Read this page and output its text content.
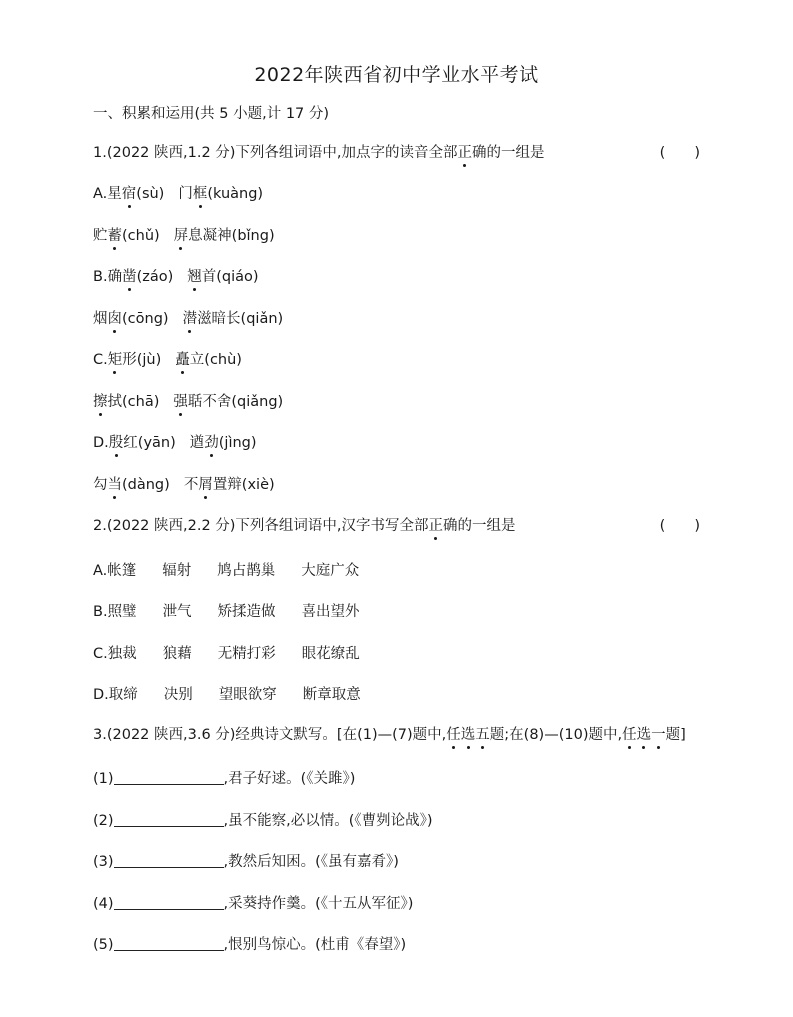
2022年陕西省初中学业水平考试
一、积累和运用(共 5 小题,计 17 分)
1.(2022 陕西,1.2 分)下列各组词语中,加点字的读音全部正确的一组是	(　　)
A.星宿(sù) 门框(kuàng)
贮蓄(chǔ) 屏息凝神(bǐng)
B.确凿(záo) 翘首(qiáo)
烟囱(cōng) 潜滋暗长(qiǎn)
C.矩形(jù) 矗立(chù)
擦拭(chā) 强聒不舍(qiǎng)
D.殷红(yān) 遒劲(jìng)
勾当(dàng) 不屑置辩(xiè)
2.(2022 陕西,2.2 分)下列各组词语中,汉字书写全部正确的一组是	(　　)
A.帐篷 辐射 鸠占鹊巢 大庭广众
B.照璧 泄气 矫揉造做 喜出望外
C.独裁 狼藉 无精打彩 眼花缭乱
D.取缔 决别 望眼欲穿 断章取意
3.(2022 陕西,3.6 分)经典诗文默写。[在(1)—(7)题中,任选五题;在(8)—(10)题中,任选一题]
(1)	,君子好逑。(《关雎》)
(2)	,虽不能察,必以情。(《曹刿论战》)
(3)	,教然后知困。(《虽有嘉肴》)
(4)	,采葵持作羹。(《十五从军征》)
(5)	,恨别鸟惊心。(杜甫《春望》)
